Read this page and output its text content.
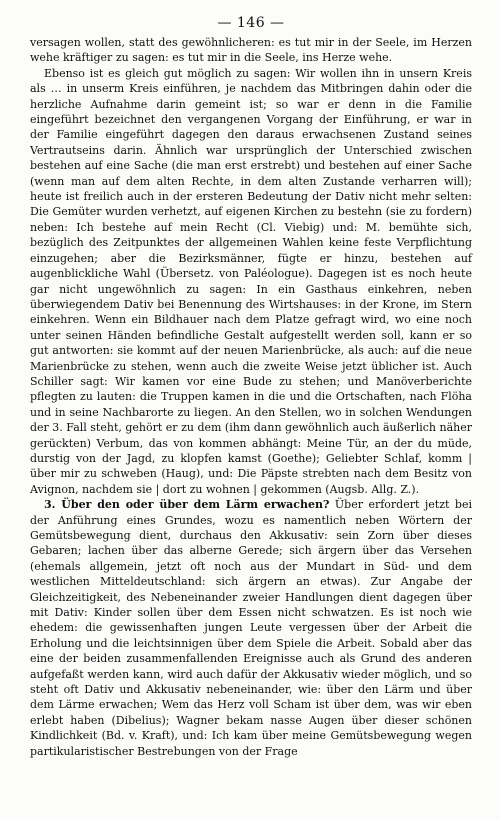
— 146 —

versagen wollen, statt des gewöhnlicheren: es tut mir in der Seele, im Herzen wehe kräftiger zu sagen: es tut mir in die Seele, ins Herze wehe.

Ebenso ist es gleich gut möglich zu sagen: Wir wollen ihn in unsern Kreis als … in unserm Kreis einführen, je nachdem das Mitbringen dahin oder die herzliche Aufnahme darin gemeint ist; so war er denn in die Familie eingeführt bezeichnet den vergangenen Vorgang der Einführung, er war in der Familie eingeführt dagegen den daraus erwachsenen Zustand seines Vertrautseins darin. Ähnlich war ursprünglich der Unterschied zwischen bestehen auf eine Sache (die man erst erstrebt) und bestehen auf einer Sache (wenn man auf dem alten Rechte, in dem alten Zustande verharren will); heute ist freilich auch in der ersteren Bedeutung der Dativ nicht mehr selten: Die Gemüter wurden verhetzt, auf eigenen Kirchen zu bestehn (sie zu fordern) neben: Ich bestehe auf mein Recht (Cl. Viebig) und: M. bemühte sich, bezüglich des Zeitpunktes der allgemeinen Wahlen keine feste Verpflichtung einzugehen; aber die Bezirksmänner, fügte er hinzu, bestehen auf augenblickliche Wahl (Übersetz. von Paléologue). Dagegen ist es noch heute gar nicht ungewöhnlich zu sagen: In ein Gasthaus einkehren, neben überwiegendem Dativ bei Benennung des Wirtshauses: in der Krone, im Stern einkehren. Wenn ein Bildhauer nach dem Platze gefragt wird, wo eine noch unter seinen Händen befindliche Gestalt aufgestellt werden soll, kann er so gut antworten: sie kommt auf der neuen Marienbrücke, als auch: auf die neue Marienbrücke zu stehen, wenn auch die zweite Weise jetzt üblicher ist. Auch Schiller sagt: Wir kamen vor eine Bude zu stehen; und Manöverberichte pflegten zu lauten: die Truppen kamen in die und die Ortschaften, nach Flöha und in seine Nachbarorte zu liegen. An den Stellen, wo in solchen Wendungen der 3. Fall steht, gehört er zu dem (ihm dann gewöhnlich auch äußerlich näher gerückten) Verbum, das von kommen abhängt: Meine Tür, an der du müde, durstig von der Jagd, zu klopfen kamst (Goethe); Geliebter Schlaf, komm | über mir zu schweben (Haug), und: Die Päpste strebten nach dem Besitz von Avignon, nachdem sie | dort zu wohnen | gekommen (Augsb. Allg. Z.).

3. Über den oder über dem Lärm erwachen? Über erfordert jetzt bei der Anführung eines Grundes, wozu es namentlich neben Wörtern der Gemütsbewegung dient, durchaus den Akkusativ: sein Zorn über dieses Gebaren; lachen über das alberne Gerede; sich ärgern über das Versehen (ehemals allgemein, jetzt oft noch aus der Mundart in Süd- und dem westlichen Mitteldeutschland: sich ärgern an etwas). Zur Angabe der Gleichzeitigkeit, des Nebeneinander zweier Handlungen dient dagegen über mit Dativ: Kinder sollen über dem Essen nicht schwatzen. Es ist noch wie ehedem: die gewissenhaften jungen Leute vergessen über der Arbeit die Erholung und die leichtsinnigen über dem Spiele die Arbeit. Sobald aber das eine der beiden zusammenfallenden Ereignisse auch als Grund des anderen aufgefaßt werden kann, wird auch dafür der Akkusativ wieder möglich, und so steht oft Dativ und Akkusativ nebeneinander, wie: über den Lärm und über dem Lärme erwachen; Wem das Herz voll Scham ist über dem, was wir eben erlebt haben (Dibelius); Wagner bekam nasse Augen über dieser schönen Kindlichkeit (Bd. v. Kraft), und: Ich kam über meine Gemütsbewegung wegen partikularistischer Bestrebungen von der Frage
